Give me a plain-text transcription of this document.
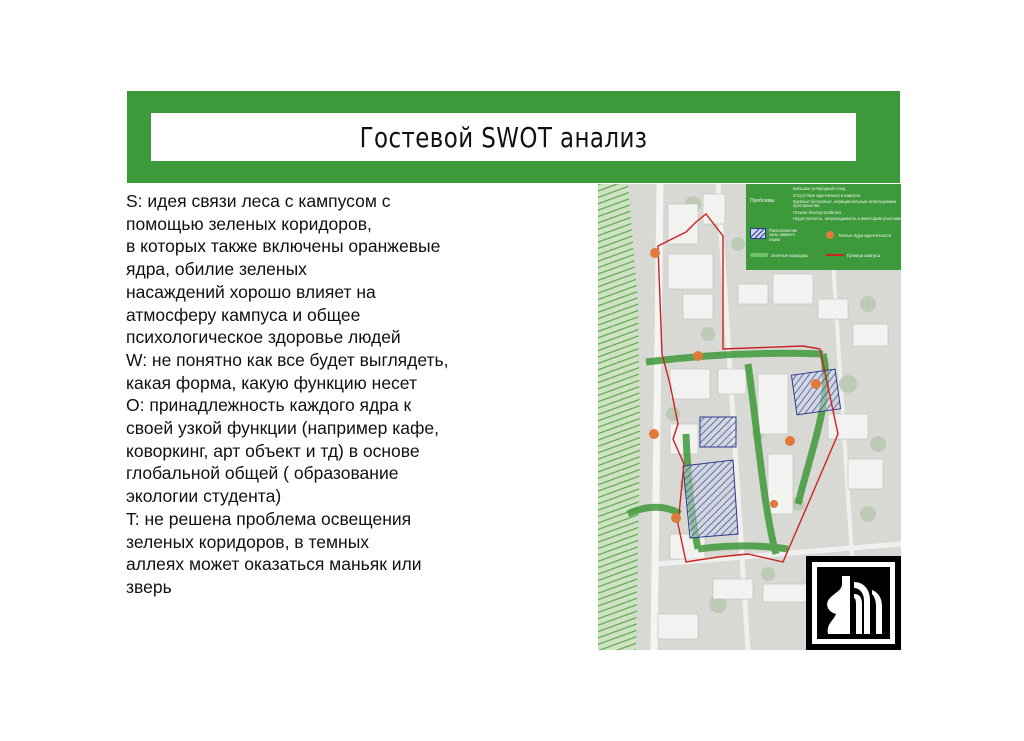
Гостевой SWOT анализ
S: идея связи леса с кампусом с
помощью зеленых коридоров,
в которых также включены оранжевые
ядра, обилие зеленых
насаждений хорошо влияет на
атмосферу кампуса и общее
психологическое здоровье людей
W: не понятно как все будет выглядеть,
какая форма, какую функцию несет
O: принадлежность каждого ядра к
своей узкой функции (например кафе,
коворкинг, арт объект и тд) в основе
глобальной общей ( образование
экологии студента)
T: не решена проблема освещения
зеленых коридоров, в темных
аллеях может оказаться маньяк или
зверь
Проблемы
Большое углеродный след
Отсутствие идентичности кампуса
Крупные бесхозные, нерациональные используемые пространства
Плохое благоустройство
Недоступность, непроходимость к некоторым участкам
Расположение зоны зимнего парка
Теплые ядра идентичности
Зеленые коридоры	Граница кампуса
